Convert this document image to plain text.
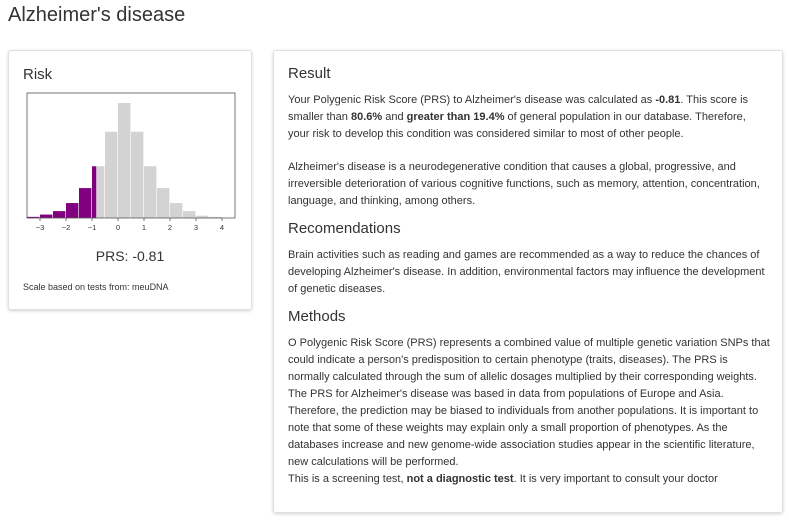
Alzheimer's disease
Risk
−3 −2 −1	0	1	2	3	4
PRS: -0.81
Scale based on tests from: meuDNA
Result

Your Polygenic Risk Score (PRS) to Alzheimer's disease was calculated as -0.81. This score is smaller than 80.6% and greater than 19.4% of general population in our database. Therefore, your risk to develop this condition was considered similar to most of other people.

Alzheimer's disease is a neurodegenerative condition that causes a global, progressive, and irreversible deterioration of various cognitive functions, such as memory, attention, concentration, language, and thinking, among others.

Recomendations

Brain activities such as reading and games are recommended as a way to reduce the chances of developing Alzheimer's disease. In addition, environmental factors may influence the development of genetic diseases.

Methods

O Polygenic Risk Score (PRS) represents a combined value of multiple genetic variation SNPs that could indicate a person's predisposition to certain phenotype (traits, diseases). The PRS is normally calculated through the sum of allelic dosages multiplied by their corresponding weights. The PRS for Alzheimer's disease was based in data from populations of Europe and Asia. Therefore, the prediction may be biased to individuals from another populations. It is important to note that some of these weights may explain only a small proportion of phenotypes. As the databases increase and new genome-wide association studies appear in the scientific literature, new calculations will be performed.

This is a screening test, not a diagnostic test. It is very important to consult your doctor
